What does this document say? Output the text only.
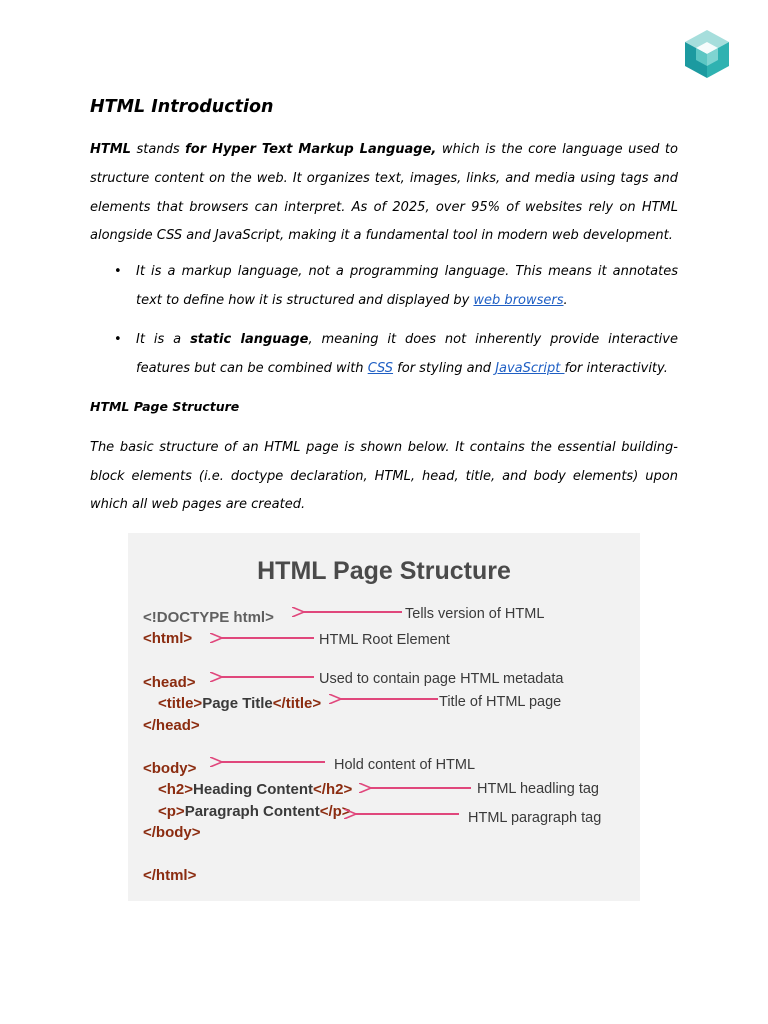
HTML Introduction

HTML stands for Hyper Text Markup Language, which is the core language used to structure content on the web. It organizes text, images, links, and media using tags and elements that browsers can interpret. As of 2025, over 95% of websites rely on HTML alongside CSS and JavaScript, making it a fundamental tool in modern web development.

• It is a markup language, not a programming language. This means it annotates text to define how it is structured and displayed by web browsers.
• It is a static language, meaning it does not inherently provide interactive features but can be combined with CSS for styling and JavaScript for interactivity.

HTML Page Structure

The basic structure of an HTML page is shown below. It contains the essential building-block elements (i.e. doctype declaration, HTML, head, title, and body elements) upon which all web pages are created.

HTML Page Structure
<!DOCTYPE html>
<html>
<head>
<title>Page Title</title>
</head>
<body>
<h2>Heading Content</h2>
<p>Paragraph Content</p>
</body>
</html>
Tells version of HTML
HTML Root Element
Used to contain page HTML metadata
Title of HTML page
Hold content of HTML
HTML headling tag
HTML paragraph tag
